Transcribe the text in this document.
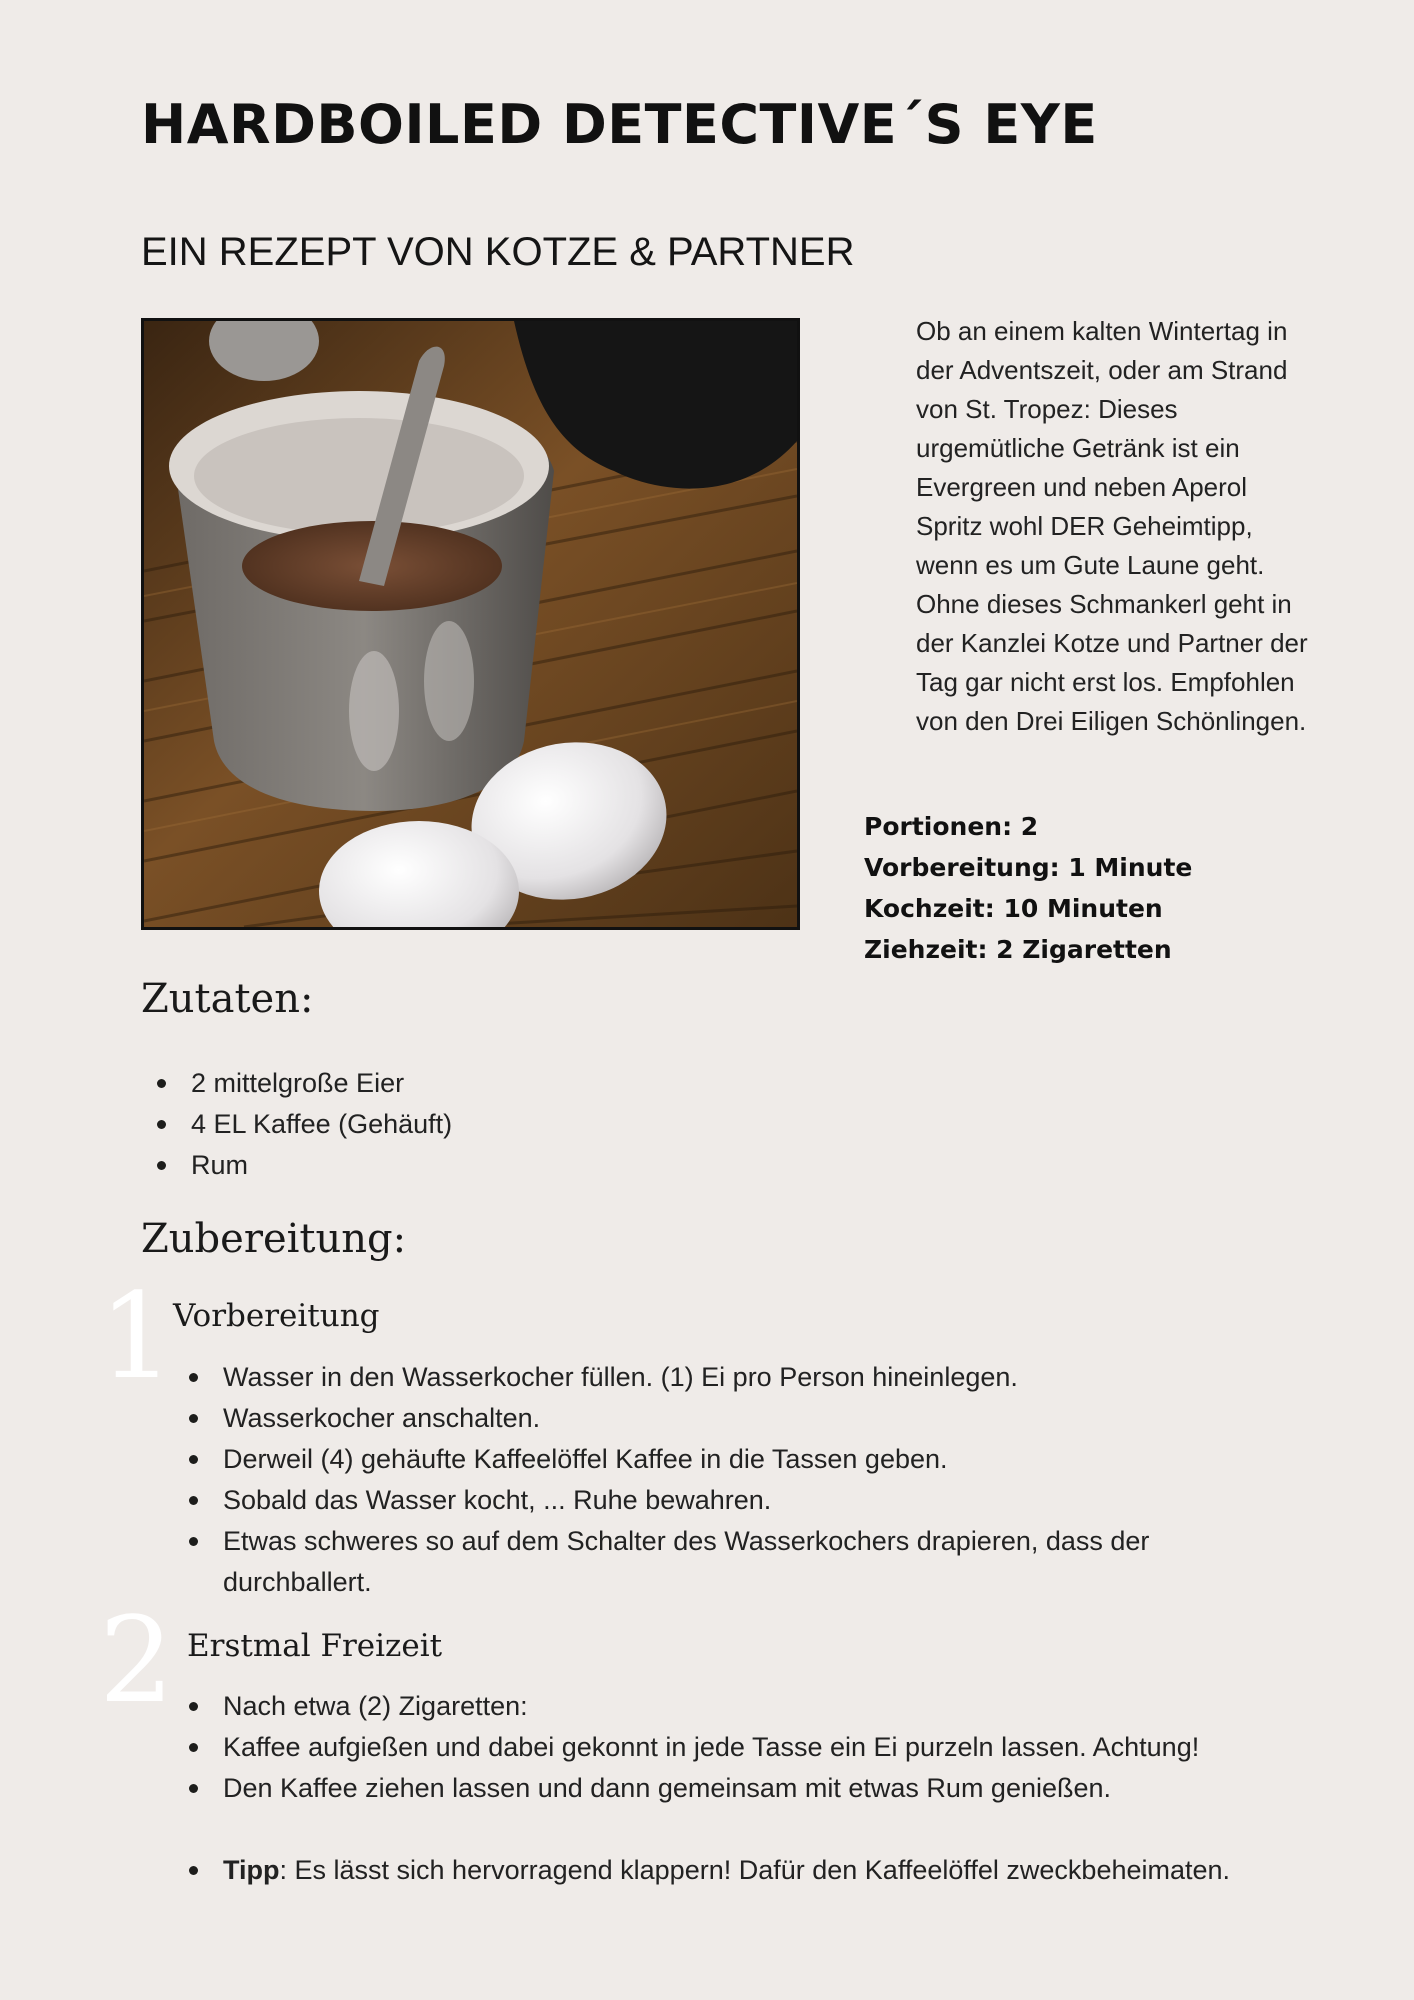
HARDBOILED DETECTIVE´S EYE
EIN REZEPT VON KOTZE & PARTNER

Ob an einem kalten Wintertag in der Adventszeit, oder am Strand von St. Tropez: Dieses urgemütliche Getränk ist ein Evergreen und neben Aperol Spritz wohl DER Geheimtipp, wenn es um Gute Laune geht. Ohne dieses Schmankerl geht in der Kanzlei Kotze und Partner der Tag gar nicht erst los. Empfohlen von den Drei Eiligen Schönlingen.

Portionen: 2
Vorbereitung: 1 Minute
Kochzeit: 10 Minuten
Ziehzeit: 2 Zigaretten
Zutaten:
2 mittelgroße Eier
4 EL Kaffee (Gehäuft)
Rum
Zubereitung:
1
Vorbereitung
Wasser in den Wasserkocher füllen. (1) Ei pro Person hineinlegen.
Wasserkocher anschalten.
Derweil (4) gehäufte Kaffeelöffel Kaffee in die Tassen geben.
Sobald das Wasser kocht, ... Ruhe bewahren.
Etwas schweres so auf dem Schalter des Wasserkochers drapieren, dass der durchballert.
2 Erstmal Freizeit
Nach etwa (2) Zigaretten:
Kaffee aufgießen und dabei gekonnt in jede Tasse ein Ei purzeln lassen. Achtung!
Den Kaffee ziehen lassen und dann gemeinsam mit etwas Rum genießen.
Tipp: Es lässt sich hervorragend klappern! Dafür den Kaffeelöffel zweckbeheimaten.
